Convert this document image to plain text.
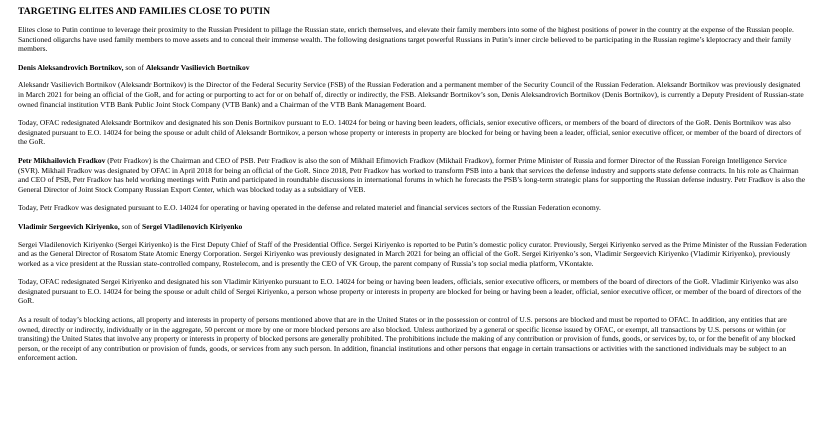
TARGETING ELITES AND FAMILIES CLOSE TO PUTIN

Elites close to Putin continue to leverage their proximity to the Russian President to pillage the Russian state, enrich themselves, and elevate their family members into some of the highest positions of power in the country at the expense of the Russian people. Sanctioned oligarchs have used family members to move assets and to conceal their immense wealth. The following designations target powerful Russians in Putin’s inner circle believed to be participating in the Russian regime’s kleptocracy and their family members.

Denis Aleksandrovich Bortnikov, son of Aleksandr Vasilievich Bortnikov

Aleksandr Vasilievich Bortnikov (Aleksandr Bortnikov) is the Director of the Federal Security Service (FSB) of the Russian Federation and a permanent member of the Security Council of the Russian Federation. Aleksandr Bortnikov was previously designated in March 2021 for being an official of the GoR, and for acting or purporting to act for or on behalf of, directly or indirectly, the FSB. Aleksandr Bortnikov’s son, Denis Aleksandrovich Bortnikov (Denis Bortnikov), is currently a Deputy President of Russian-state owned financial institution VTB Bank Public Joint Stock Company (VTB Bank) and a Chairman of the VTB Bank Management Board.

Today, OFAC redesignated Aleksandr Bortnikov and designated his son Denis Bortnikov pursuant to E.O. 14024 for being or having been leaders, officials, senior executive officers, or members of the board of directors of the GoR. Denis Bortnikov was also designated pursuant to E.O. 14024 for being the spouse or adult child of Aleksandr Bortnikov, a person whose property or interests in property are blocked for being or having been a leader, official, senior executive officer, or member of the board of directors of the GoR.

Petr Mikhailovich Fradkov (Petr Fradkov) is the Chairman and CEO of PSB. Petr Fradkov is also the son of Mikhail Efimovich Fradkov (Mikhail Fradkov), former Prime Minister of Russia and former Director of the Russian Foreign Intelligence Service (SVR). Mikhail Fradkov was designated by OFAC in April 2018 for being an official of the GoR. Since 2018, Petr Fradkov has worked to transform PSB into a bank that services the defense industry and supports state defense contracts. In his role as Chairman and CEO of PSB, Petr Fradkov has held working meetings with Putin and participated in roundtable discussions in international forums in which he forecasts the PSB’s long-term strategic plans for supporting the Russian defense industry. Petr Fradkov is also the General Director of Joint Stock Company Russian Export Center, which was blocked today as a subsidiary of VEB.

Today, Petr Fradkov was designated pursuant to E.O. 14024 for operating or having operated in the defense and related materiel and financial services sectors of the Russian Federation economy.

Vladimir Sergeevich Kiriyenko, son of Sergei Vladilenovich Kiriyenko

Sergei Vladilenovich Kiriyenko (Sergei Kiriyenko) is the First Deputy Chief of Staff of the Presidential Office. Sergei Kiriyenko is reported to be Putin’s domestic policy curator. Previously, Sergei Kiriyenko served as the Prime Minister of the Russian Federation and as the General Director of Rosatom State Atomic Energy Corporation. Sergei Kiriyenko was previously designated in March 2021 for being an official of the GoR. Sergei Kiriyenko’s son, Vladimir Sergeevich Kiriyenko (Vladimir Kiriyenko), previously worked as a vice president at the Russian state-controlled company, Rostelecom, and is presently the CEO of VK Group, the parent company of Russia’s top social media platform, VKontakte.

Today, OFAC redesignated Sergei Kiriyenko and designated his son Vladimir Kiriyenko pursuant to E.O. 14024 for being or having been leaders, officials, senior executive officers, or members of the board of directors of the GoR. Vladimir Kiriyenko was also designated pursuant to E.O. 14024 for being the spouse or adult child of Sergei Kiriyenko, a person whose property or interests in property are blocked for being or having been a leader, official, senior executive officer, or member of the board of directors of the GoR.

As a result of today’s blocking actions, all property and interests in property of persons mentioned above that are in the United States or in the possession or control of U.S. persons are blocked and must be reported to OFAC. In addition, any entities that are owned, directly or indirectly, individually or in the aggregate, 50 percent or more by one or more blocked persons are also blocked. Unless authorized by a general or specific license issued by OFAC, or exempt, all transactions by U.S. persons or within (or transiting) the United States that involve any property or interests in property of blocked persons are generally prohibited. The prohibitions include the making of any contribution or provision of funds, goods, or services by, to, or for the benefit of any blocked person, or the receipt of any contribution or provision of funds, goods, or services from any such person. In addition, financial institutions and other persons that engage in certain transactions or activities with the sanctioned individuals may be subject to an enforcement action.
